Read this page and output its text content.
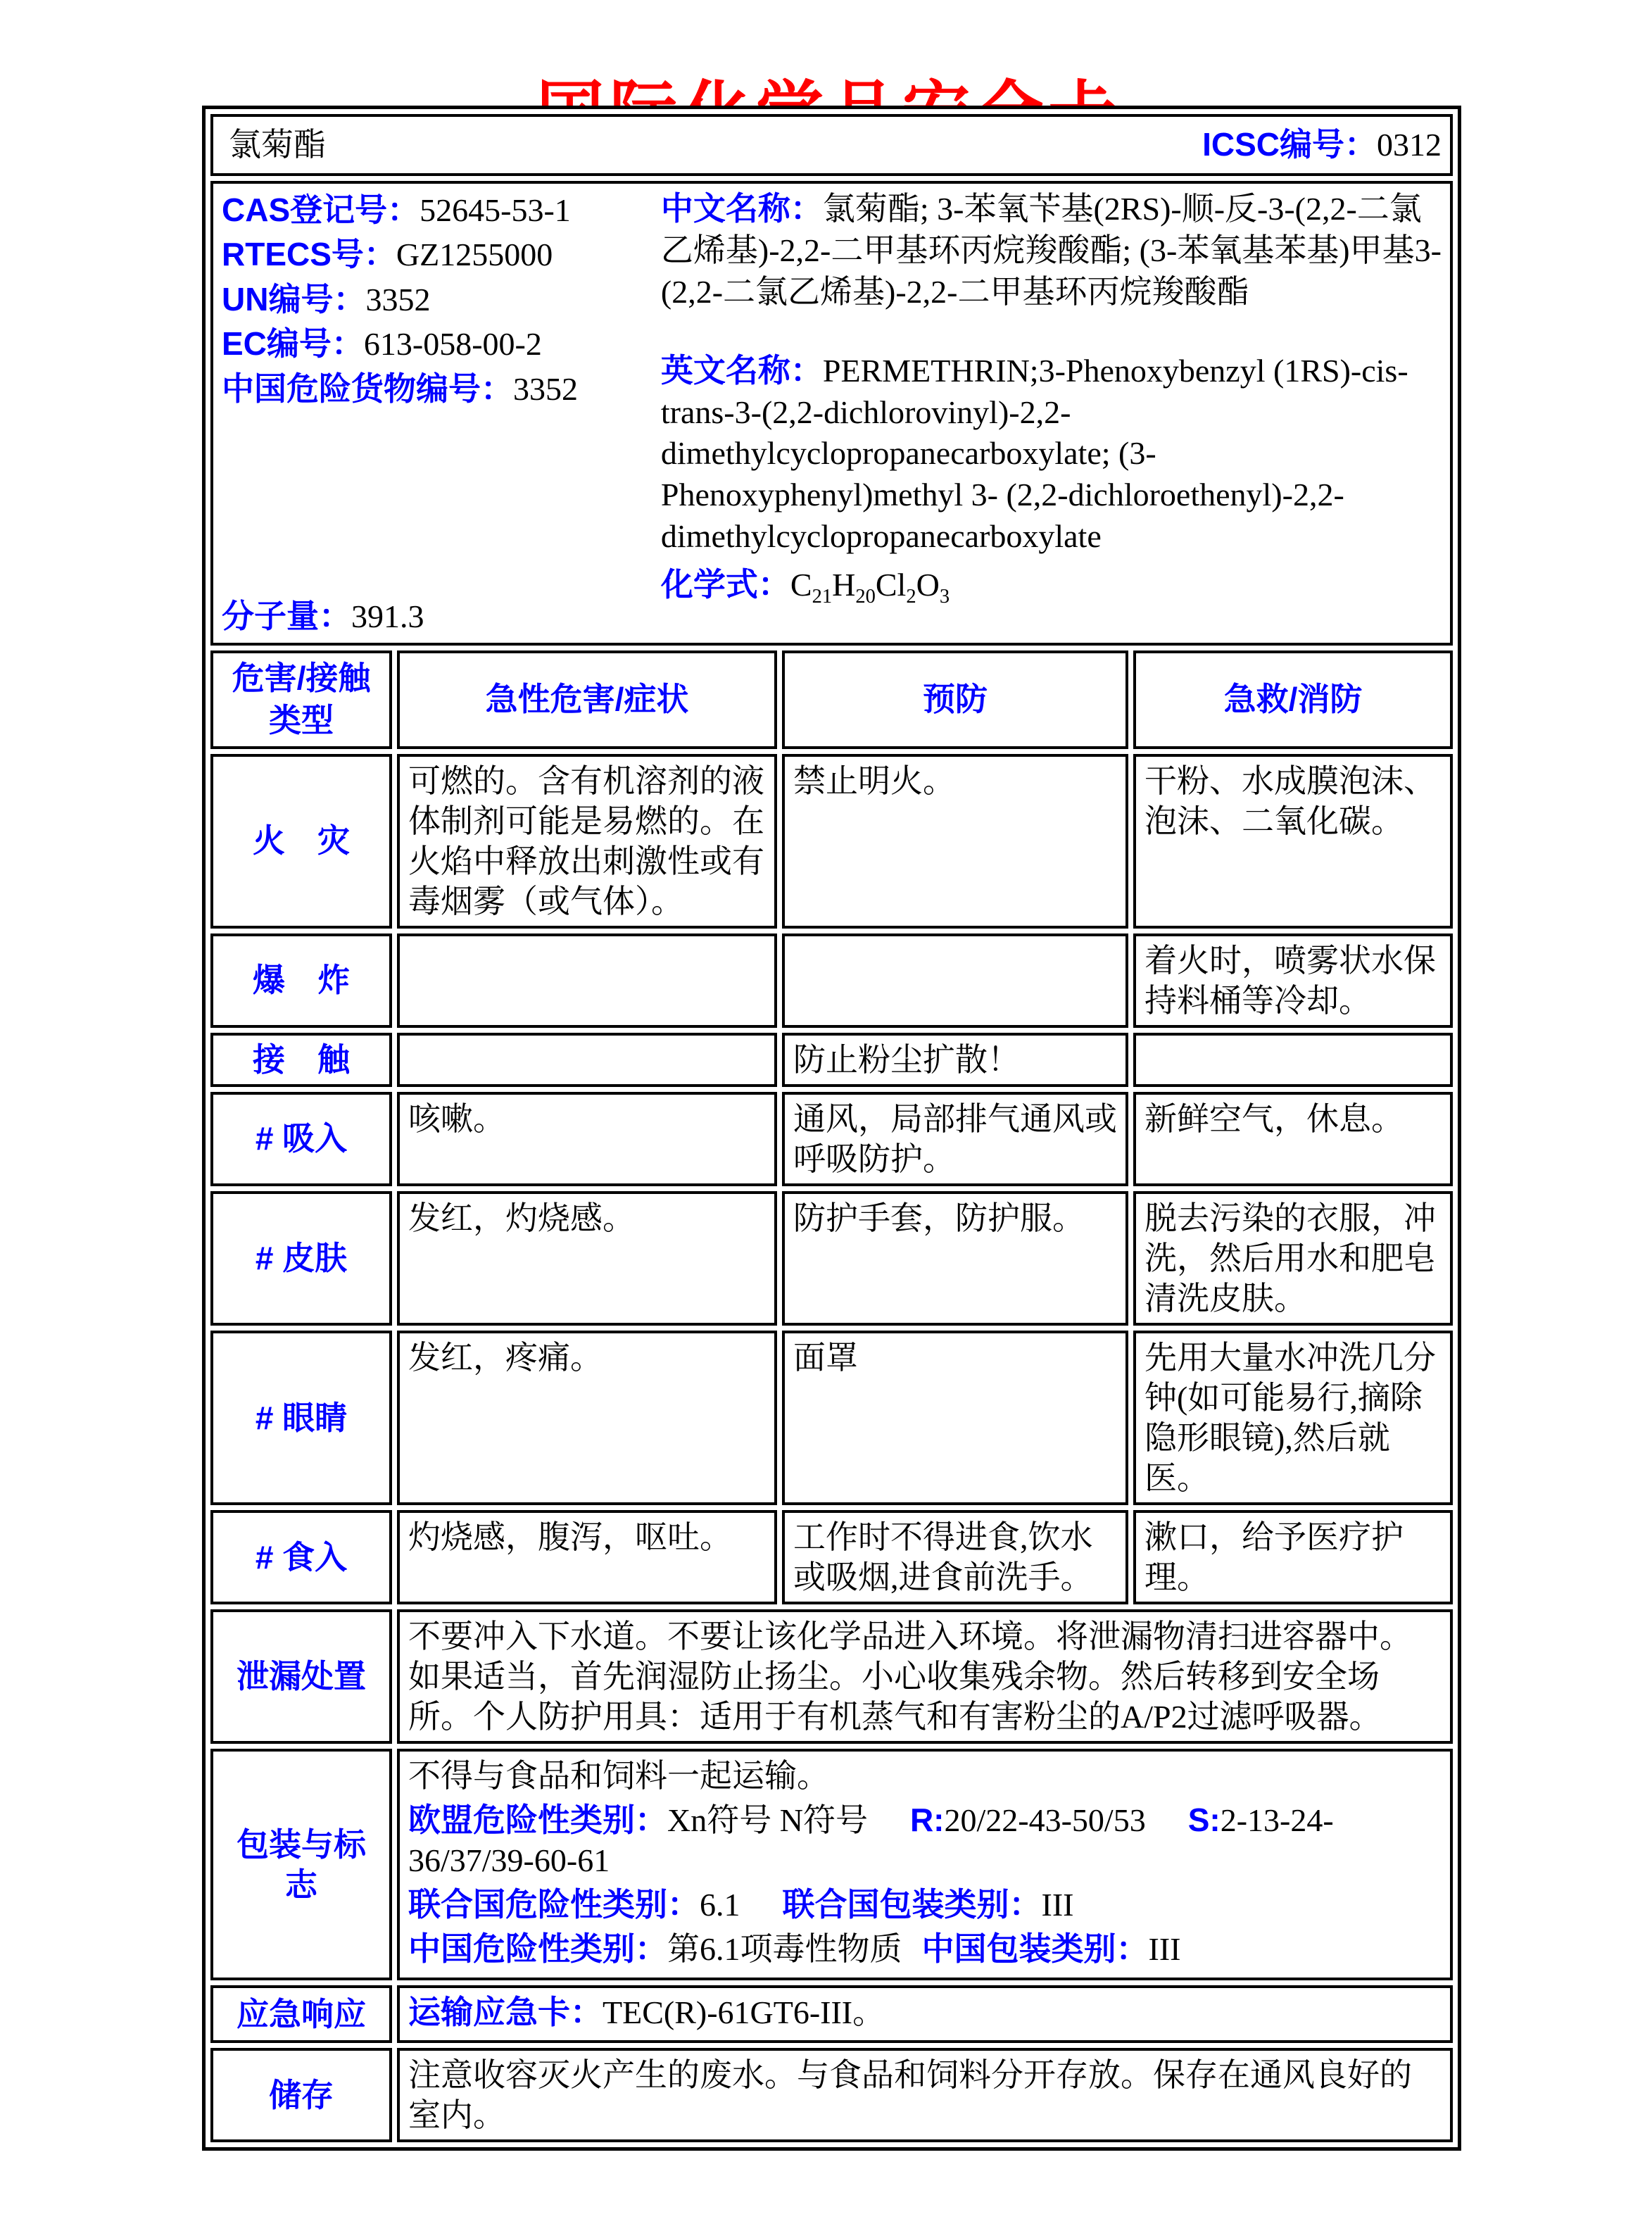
氯菊酯 ICSC编号：0312			

CAS登记号：52645-53-1
RTECS号：GZ1255000
UN编号：3352
EC编号：613-058-00-2
中国危险货物编号：3352
分子量：391.3
中文名称：氯菊酯; 3-苯氧苄基(2RS)-顺-反-3-(2,2-二氯乙烯基)-2,2-二甲基环丙烷羧酸酯; (3-苯氧基苯基)甲基3-(2,2-二氯乙烯基)-2,2-二甲基环丙烷羧酸酯
英文名称：PERMETHRIN;3-Phenoxybenzyl (1RS)-cis-trans-3-(2,2-dichlorovinyl)-2,2-dimethylcyclopropanecarboxylate; (3-Phenoxyphenyl)methyl 3- (2,2-dichloroethenyl)-2,2-dimethylcyclopropanecarboxylate
化学式：$C_{21}H_{20}Cl_2O_3$

危害/接触
类型	急性危害/症状	预防	急救/消防
火　灾	可燃的。含有机溶剂的液体制剂可能是易燃的。在火焰中释放出刺激性或有毒烟雾（或气体）。	禁止明火。	干粉、水成膜泡沫、泡沫、二氧化碳。
爆　炸			着火时，喷雾状水保持料桶等冷却。
接　触		防止粉尘扩散！	
# 吸入	咳嗽。	通风，局部排气通风或呼吸防护。	新鲜空气，休息。
# 皮肤	发红，灼烧感。	防护手套，防护服。	脱去污染的衣服，冲洗，然后用水和肥皂清洗皮肤。
# 眼睛	发红，疼痛。	面罩	先用大量水冲洗几分钟(如可能易行,摘除隐形眼镜),然后就医。
# 食入	灼烧感，腹泻，呕吐。	工作时不得进食,饮水或吸烟,进食前洗手。	漱口，给予医疗护理。
泄漏处置	不要冲入下水道。不要让该化学品进入环境。将泄漏物清扫进容器中。如果适当，首先润湿防止扬尘。小心收集残余物。然后转移到安全场所。个人防护用具：适用于有机蒸气和有害粉尘的A/P2过滤呼吸器。		
包装与标志	不得与食品和饲料一起运输。
欧盟危险性类别：Xn符号 N符号 R:20/22-43-50/53 S:2-13-24-36/37/39-60-61
联合国危险性类别：6.1 联合国包装类别：III
中国危险性类别：第6.1项毒性物质 中国包装类别：III		

应急响应	运输应急卡：TEC(R)-61GT6-III。		
储存	注意收容灭火产生的废水。与食品和饲料分开存放。保存在通风良好的室内。		
